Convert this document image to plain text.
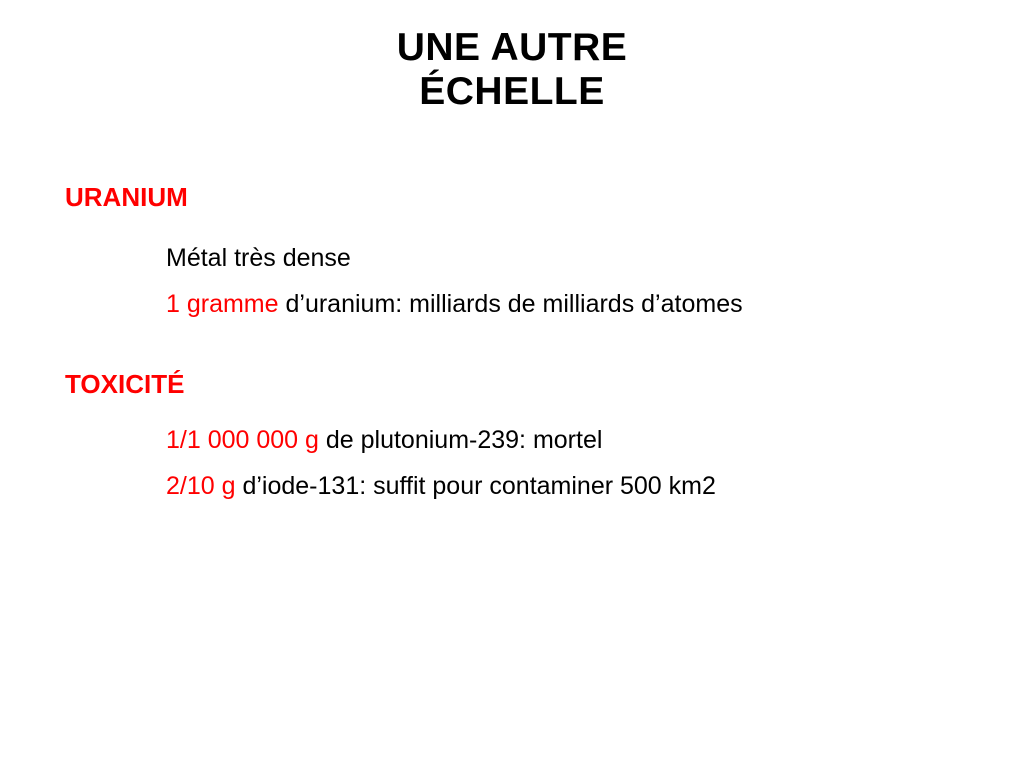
UNE AUTRE
ÉCHELLE
URANIUM
Métal très dense
1 gramme d’uranium: milliards de milliards d’atomes
TOXICITÉ
1/1 000 000 g de plutonium-239: mortel
2/10 g d’iode-131: suffit pour contaminer 500 km2
